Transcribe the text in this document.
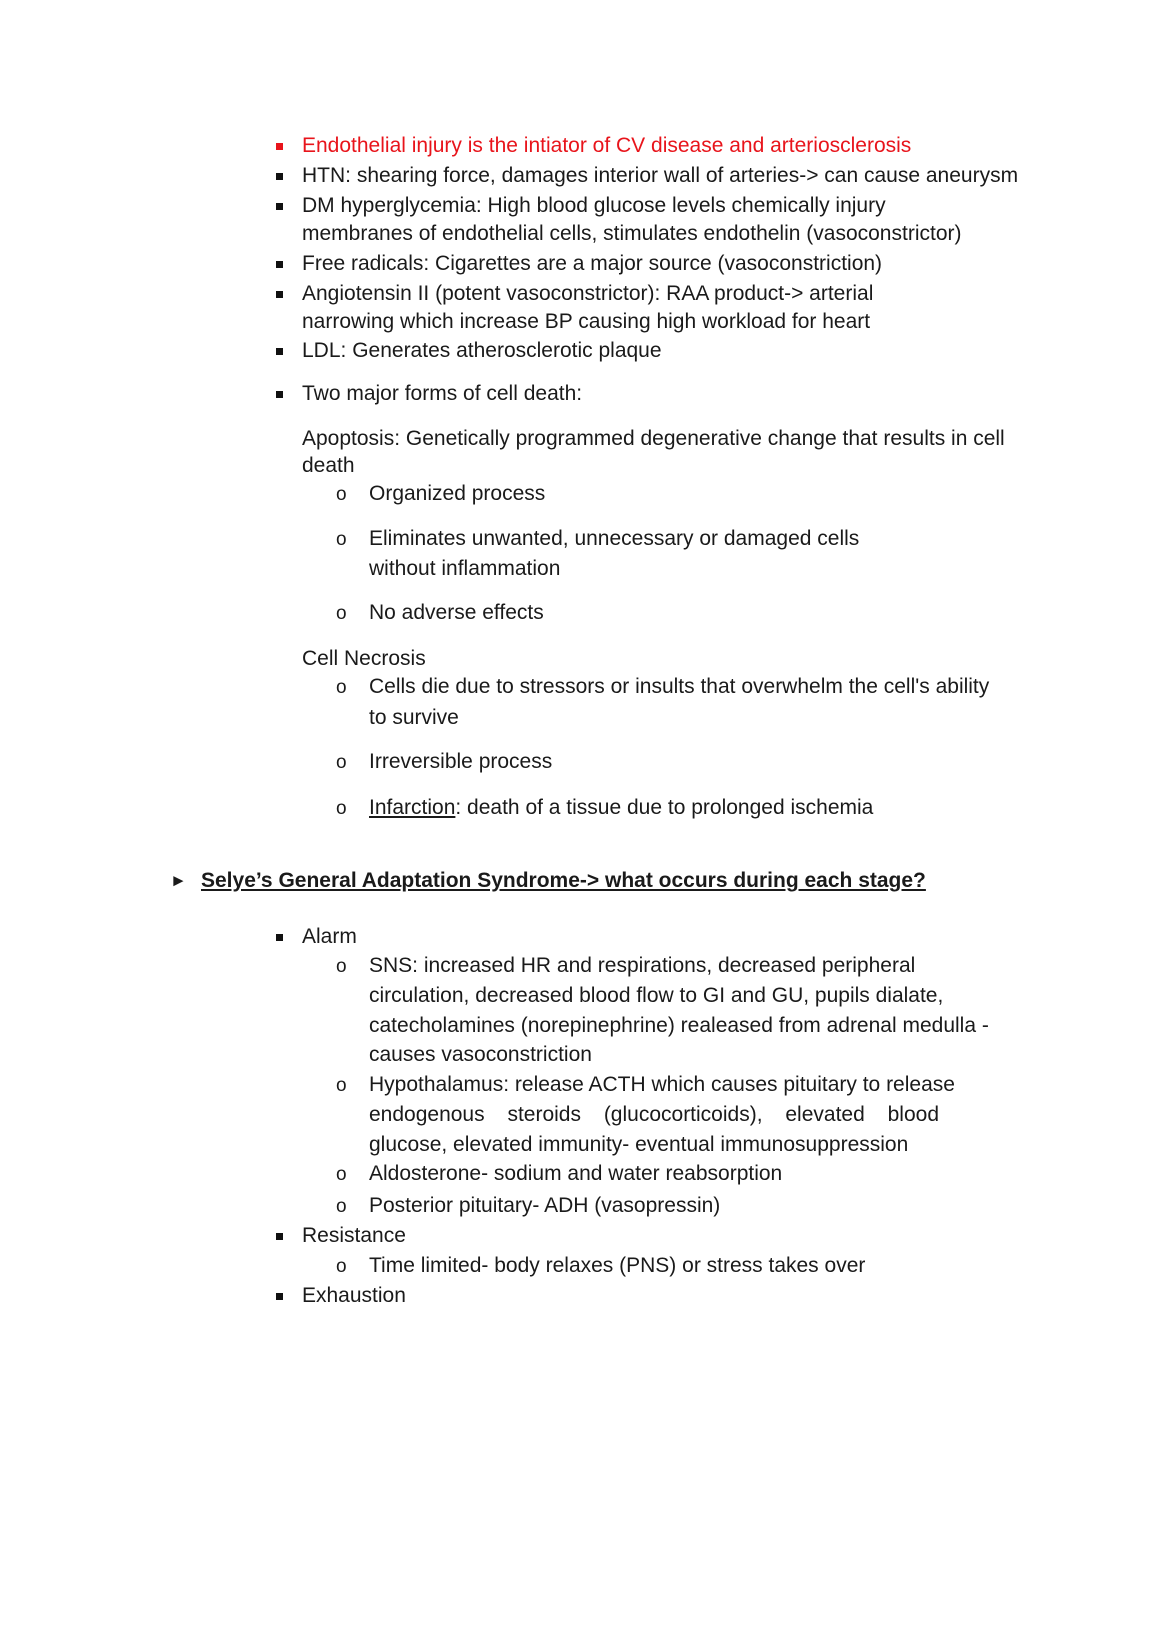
Endothelial injury is the intiator of CV disease and arteriosclerosis
HTN: shearing force, damages interior wall of arteries-> can cause aneurysm
DM hyperglycemia: High blood glucose levels chemically injury
membranes of endothelial cells, stimulates endothelin (vasoconstrictor)
Free radicals: Cigarettes are a major source (vasoconstriction)
Angiotensin II (potent vasoconstrictor): RAA product-> arterial
narrowing which increase BP causing high workload for heart
LDL: Generates atherosclerotic plaque
Two major forms of cell death:
Apoptosis: Genetically programmed degenerative change that results in cell
death
o Organized process
o Eliminates unwanted, unnecessary or damaged cells
without inflammation
o No adverse effects
Cell Necrosis
o Cells die due to stressors or insults that overwhelm the cell's ability
to survive
o Irreversible process
o Infarction: death of a tissue due to prolonged ischemia
► Selye’s General Adaptation Syndrome-> what occurs during each stage?
Alarm
o SNS: increased HR and respirations, decreased peripheral
circulation, decreased blood flow to GI and GU, pupils dialate,
catecholamines (norepinephrine) realeased from adrenal medulla -
causes vasoconstriction
o Hypothalamus: release ACTH which causes pituitary to release
endogenous steroids (glucocorticoids), elevated blood
glucose, elevated immunity- eventual immunosuppression
o Aldosterone- sodium and water reabsorption
o Posterior pituitary- ADH (vasopressin)
Resistance
o Time limited- body relaxes (PNS) or stress takes over
Exhaustion
